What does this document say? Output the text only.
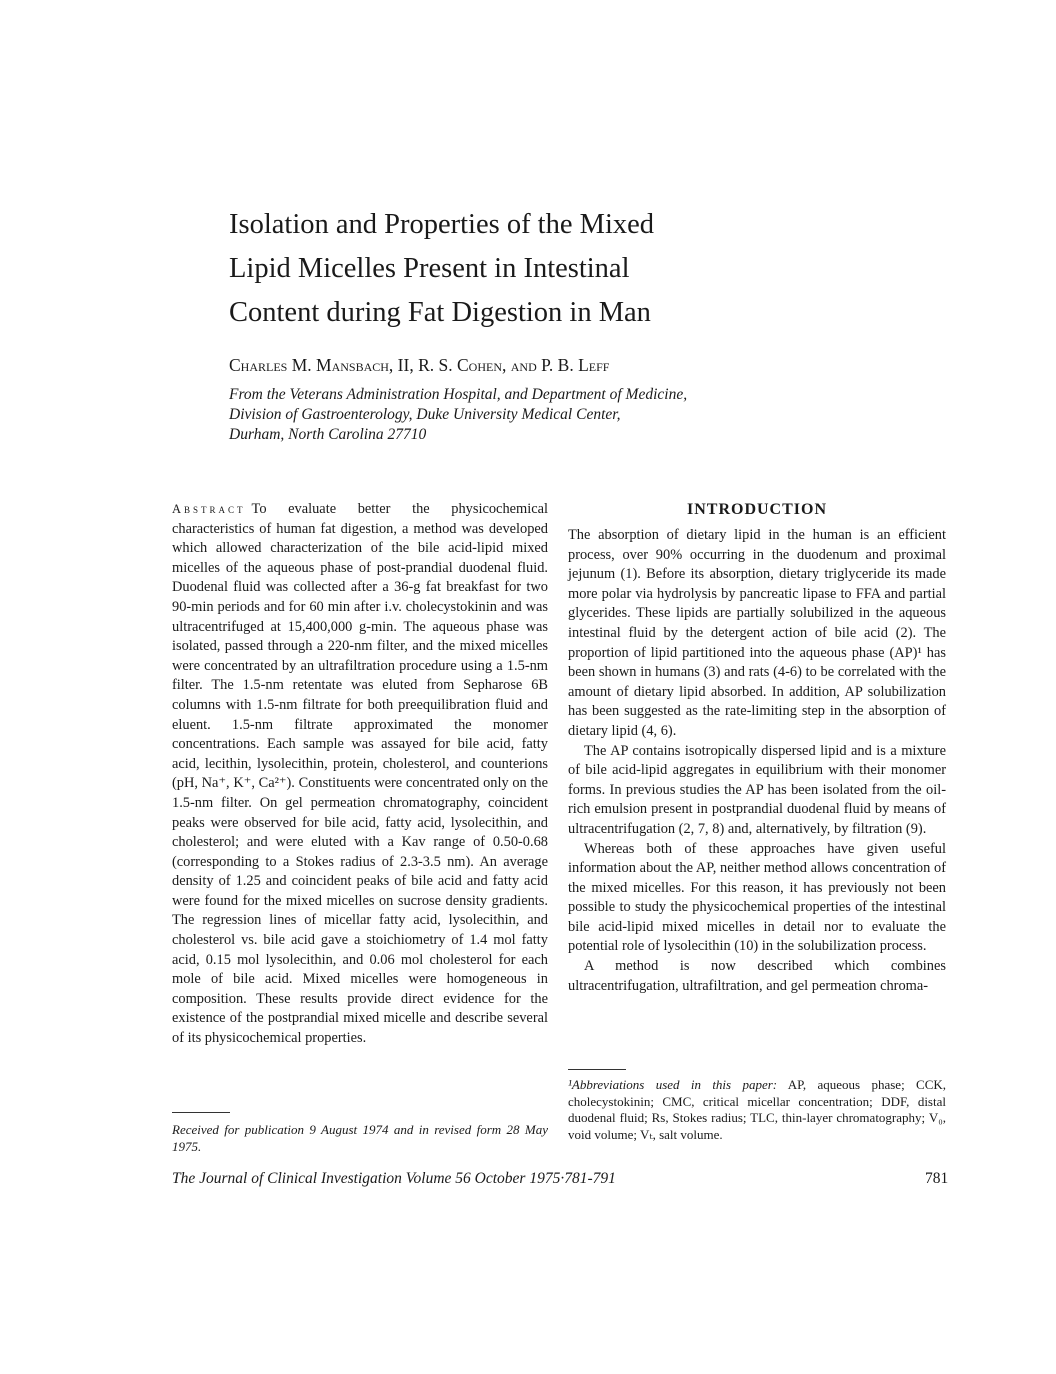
Isolation and Properties of the Mixed
Lipid Micelles Present in Intestinal
Content during Fat Digestion in Man

Charles M. Mansbach, II, R. S. Cohen, and P. B. Leff

From the Veterans Administration Hospital, and Department of Medicine,
Division of Gastroenterology, Duke University Medical Center,
Durham, North Carolina 27710

Abstract To evaluate better the physicochemical characteristics of human fat digestion, a method was developed which allowed characterization of the bile acid-lipid mixed micelles of the aqueous phase of post-prandial duodenal fluid. Duodenal fluid was collected after a 36-g fat breakfast for two 90-min periods and for 60 min after i.v. cholecystokinin and was ultracentrifuged at 15,400,000 g-min. The aqueous phase was isolated, passed through a 220-nm filter, and the mixed micelles were concentrated by an ultrafiltration procedure using a 1.5-nm filter. The 1.5-nm retentate was eluted from Sepharose 6B columns with 1.5-nm filtrate for both preequilibration fluid and eluent. 1.5-nm filtrate approximated the monomer concentrations. Each sample was assayed for bile acid, fatty acid, lecithin, lysolecithin, protein, cholesterol, and counterions (pH, Na⁺, K⁺, Ca²⁺). Constituents were concentrated only on the 1.5-nm filter. On gel permeation chromatography, coincident peaks were observed for bile acid, fatty acid, lysolecithin, and cholesterol; and were eluted with a Kav range of 0.50-0.68 (corresponding to a Stokes radius of 2.3-3.5 nm). An average density of 1.25 and coincident peaks of bile acid and fatty acid were found for the mixed micelles on sucrose density gradients. The regression lines of micellar fatty acid, lysolecithin, and cholesterol vs. bile acid gave a stoichiometry of 1.4 mol fatty acid, 0.15 mol lysolecithin, and 0.06 mol cholesterol for each mole of bile acid. Mixed micelles were homogeneous in composition. These results provide direct evidence for the existence of the postprandial mixed micelle and describe several of its physicochemical properties.

Received for publication 9 August 1974 and in revised form 28 May 1975.

INTRODUCTION

The absorption of dietary lipid in the human is an efficient process, over 90% occurring in the duodenum and proximal jejunum (1). Before its absorption, dietary triglyceride its made more polar via hydrolysis by pancreatic lipase to FFA and partial glycerides. These lipids are partially solubilized in the aqueous intestinal fluid by the detergent action of bile acid (2). The proportion of lipid partitioned into the aqueous phase (AP)¹ has been shown in humans (3) and rats (4-6) to be correlated with the amount of dietary lipid absorbed. In addition, AP solubilization has been suggested as the rate-limiting step in the absorption of dietary lipid (4, 6).

The AP contains isotropically dispersed lipid and is a mixture of bile acid-lipid aggregates in equilibrium with their monomer forms. In previous studies the AP has been isolated from the oil-rich emulsion present in postprandial duodenal fluid by means of ultracentrifugation (2, 7, 8) and, alternatively, by filtration (9).

Whereas both of these approaches have given useful information about the AP, neither method allows concentration of the mixed micelles. For this reason, it has previously not been possible to study the physicochemical properties of the intestinal bile acid-lipid mixed micelles in detail nor to evaluate the potential role of lysolecithin (10) in the solubilization process.

A method is now described which combines ultracentrifugation, ultrafiltration, and gel permeation chroma-

¹Abbreviations used in this paper: AP, aqueous phase; CCK, cholecystokinin; CMC, critical micellar concentration; DDF, distal duodenal fluid; Rs, Stokes radius; TLC, thin-layer chromatography; V₀, void volume; Vₜ, salt volume.

The Journal of Clinical Investigation Volume 56 October 1975·781-791	781
